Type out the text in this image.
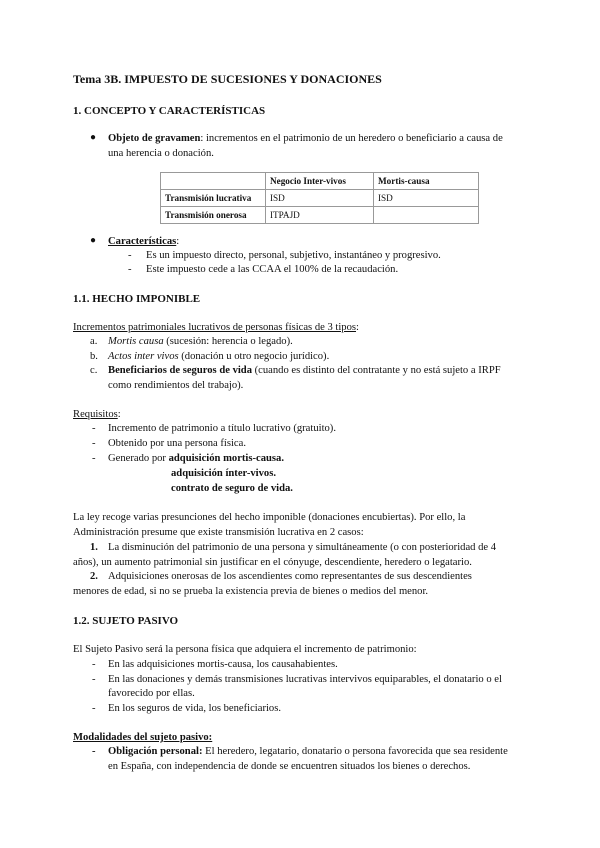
Tema 3B. IMPUESTO DE SUCESIONES Y DONACIONES
1. CONCEPTO Y CARACTERÍSTICAS
● Objeto de gravamen: incrementos en el patrimonio de un heredero o beneficiario a causa de
una herencia o donación.
	Negocio Inter-vivos	Mortis-causa
Transmisión lucrativa	ISD	ISD
Transmisión onerosa	ITPAJD	
● Características:
- Es un impuesto directo, personal, subjetivo, instantáneo y progresivo.
- Este impuesto cede a las CCAA el 100% de la recaudación.
1.1. HECHO IMPONIBLE
Incrementos patrimoniales lucrativos de personas físicas de 3 tipos:
a. Mortis causa (sucesión: herencia o legado).
b. Actos inter vivos (donación u otro negocio jurídico).
c. Beneficiarios de seguros de vida (cuando es distinto del contratante y no está sujeto a IRPF
como rendimientos del trabajo).
Requisitos:
- Incremento de patrimonio a título lucrativo (gratuito).
- Obtenido por una persona física.
- Generado por adquisición mortis-causa.
adquisición ínter-vivos.
contrato de seguro de vida.
La ley recoge varias presunciones del hecho imponible (donaciones encubiertas). Por ello, la
Administración presume que existe transmisión lucrativa en 2 casos:
1. La disminución del patrimonio de una persona y simultáneamente (o con posterioridad de 4
años), un aumento patrimonial sin justificar en el cónyuge, descendiente, heredero o legatario.
2. Adquisiciones onerosas de los ascendientes como representantes de sus descendientes
menores de edad, si no se prueba la existencia previa de bienes o medios del menor.
1.2. SUJETO PASIVO
El Sujeto Pasivo será la persona física que adquiera el incremento de patrimonio:
- En las adquisiciones mortis-causa, los causahabientes.
- En las donaciones y demás transmisiones lucrativas intervivos equiparables, el donatario o el
favorecido por ellas.
- En los seguros de vida, los beneficiarios.
Modalidades del sujeto pasivo:
- Obligación personal: El heredero, legatario, donatario o persona favorecida que sea residente
en España, con independencia de donde se encuentren situados los bienes o derechos.
